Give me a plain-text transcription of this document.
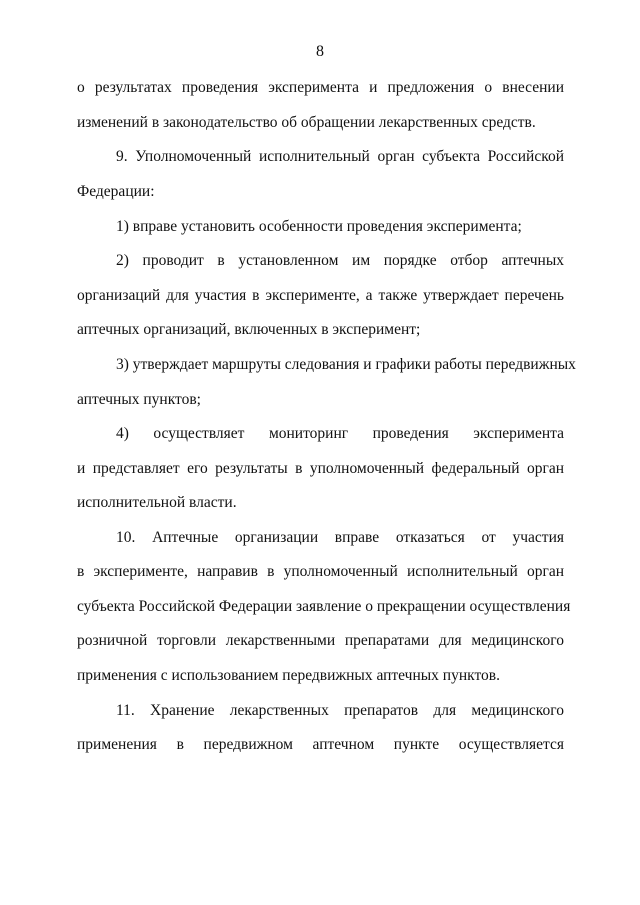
8
о результатах проведения эксперимента и предложения о внесении
изменений в законодательство об обращении лекарственных средств.
9. Уполномоченный исполнительный орган субъекта Российской
Федерации:
1) вправе установить особенности проведения эксперимента;
2) проводит в установленном им порядке отбор аптечных
организаций для участия в эксперименте, а также утверждает перечень
аптечных организаций, включенных в эксперимент;
3) утверждает маршруты следования и графики работы передвижных
аптечных пунктов;
4) осуществляет мониторинг проведения эксперимента
и представляет его результаты в уполномоченный федеральный орган
исполнительной власти.
10. Аптечные организации вправе отказаться от участия
в эксперименте, направив в уполномоченный исполнительный орган
субъекта Российской Федерации заявление о прекращении осуществления
розничной торговли лекарственными препаратами для медицинского
применения с использованием передвижных аптечных пунктов.
11. Хранение лекарственных препаратов для медицинского
применения в передвижном аптечном пункте осуществляется
